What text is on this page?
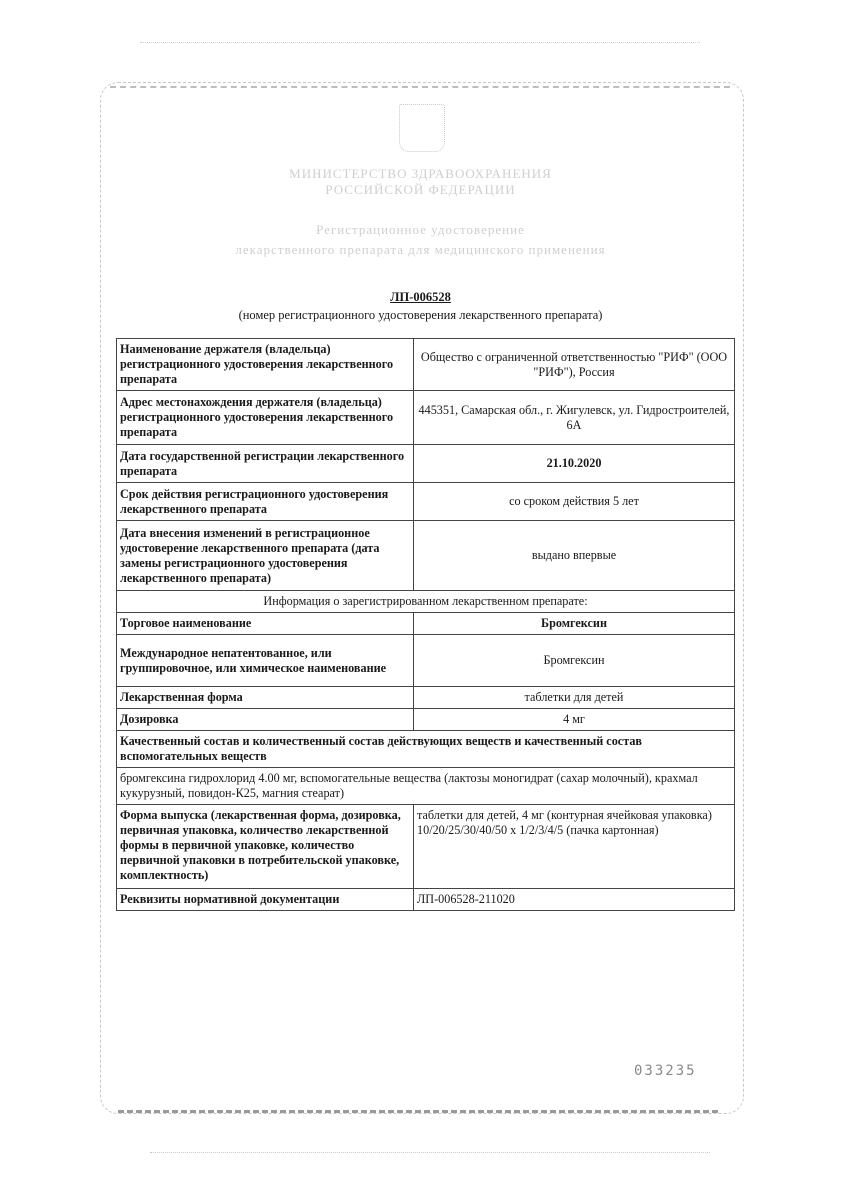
МИНИСТЕРСТВО ЗДРАВООХРАНЕНИЯ
РОССИЙСКОЙ ФЕДЕРАЦИИ
Регистрационное удостоверение
лекарственного препарата для медицинского применения
ЛП-006528
(номер регистрационного удостоверения лекарственного препарата)
Наименование держателя (владельца) регистрационного удостоверения лекарственного препарата	Общество с ограниченной ответственностью "РИФ" (ООО "РИФ"), Россия
Адрес местонахождения держателя (владельца) регистрационного удостоверения лекарственного препарата	445351, Самарская обл., г. Жигулевск, ул. Гидростроителей, 6А
Дата государственной регистрации лекарственного препарата	21.10.2020
Срок действия регистрационного удостоверения лекарственного препарата	со сроком действия 5 лет
Дата внесения изменений в регистрационное удостоверение лекарственного препарата (дата замены регистрационного удостоверения лекарственного препарата)	выдано впервые
Информация о зарегистрированном лекарственном препарате:	
Торговое наименование	Бромгексин
Международное непатентованное, или группировочное, или химическое наименование	Бромгексин
Лекарственная форма	таблетки для детей
Дозировка	4 мг
Качественный состав и количественный состав действующих веществ и качественный состав вспомогательных веществ	
бромгексина гидрохлорид 4.00 мг, вспомогательные вещества (лактозы моногидрат (сахар молочный), крахмал кукурузный, повидон-К25, магния стеарат)	
Форма выпуска (лекарственная форма, дозировка, первичная упаковка, количество лекарственной формы в первичной упаковке, количество первичной упаковки в потребительской упаковке, комплектность)	таблетки для детей, 4 мг (контурная ячейковая упаковка) 10/20/25/30/40/50 x 1/2/3/4/5 (пачка картонная)
Реквизиты нормативной документации	ЛП-006528-211020
033235
